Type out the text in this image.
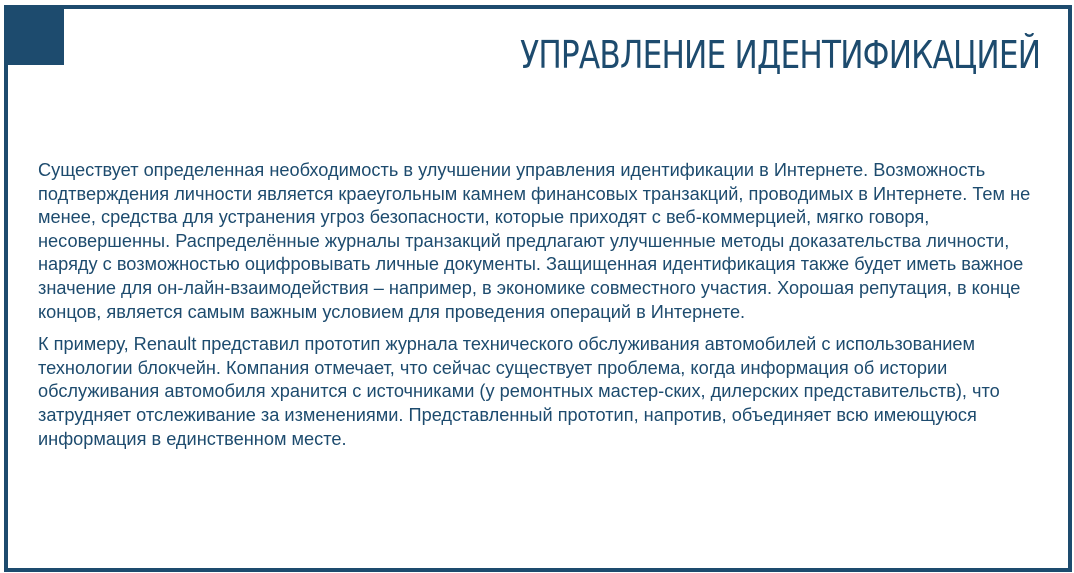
УПРАВЛЕНИЕ ИДЕНТИФИКАЦИЕЙ

Существует определенная необходимость в улучшении управления идентификации в Интернете. Возможность подтверждения личности является краеугольным камнем финансовых транзакций, проводимых в Интернете. Тем не менее, средства для устранения угроз безопасности, которые приходят с веб-коммерцией, мягко говоря, несовершенны. Распределённые журналы транзакций предлагают улучшенные методы доказательства личности, наряду с возможностью оцифровывать личные документы. Защищенная идентификация также будет иметь важное значение для он-лайн-взаимодействия – например, в экономике совместного участия. Хорошая репутация, в конце концов, является самым важным условием для проведения операций в Интернете.

К примеру, Renault представил прототип журнала технического обслуживания автомобилей с использованием технологии блокчейн. Компания отмечает, что сейчас существует проблема, когда информация об истории обслуживания автомобиля хранится с источниками (у ремонтных мастер-ских, дилерских представительств), что затрудняет отслеживание за изменениями. Представленный прототип, напротив, объединяет всю имеющуюся информация в единственном месте.
